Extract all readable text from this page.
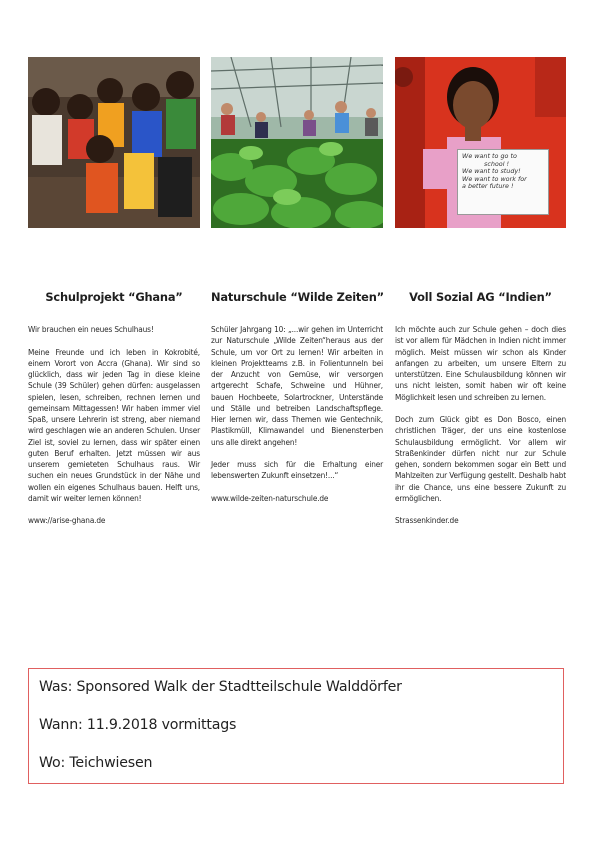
We want to go to
school !
We want to study!
We want to work for
a better future !
Schulprojekt “Ghana”

Wir brauchen ein neues Schulhaus!

Meine Freunde und ich leben in Kokrobité, einem Vorort von Accra (Ghana). Wir sind so glücklich, dass wir jeden Tag in diese kleine Schule (39 Schüler) gehen dürfen: ausgelassen spielen, lesen, schreiben, rechnen lernen und gemeinsam Mittagessen! Wir haben immer viel Spaß, unsere Lehrerin ist streng, aber niemand wird geschlagen wie an anderen Schulen. Unser Ziel ist, soviel zu lernen, dass wir später einen guten Beruf erhalten. Jetzt müssen wir aus unserem gemieteten Schulhaus raus. Wir suchen ein neues Grundstück in der Nähe und wollen ein eigenes Schulhaus bauen. Helft uns, damit wir weiter lernen können!

www://arise-ghana.de

Naturschule “Wilde Zeiten”

Schüler Jahrgang 10: „...wir gehen im Unterricht zur Naturschule „Wilde Zeiten“heraus aus der Schule, um vor Ort zu lernen! Wir arbeiten in kleinen Projektteams z.B. in Folientunneln bei der Anzucht von Gemüse, wir versorgen artgerecht Schafe, Schweine und Hühner, bauen Hochbeete, Solartrockner, Unterstände und Ställe und betreiben Landschaftspflege. Hier lernen wir, dass Themen wie Gentechnik, Plastikmüll, Klimawandel und Bienensterben uns alle direkt angehen!

Jeder muss sich für die Erhaltung einer lebenswerten Zukunft einsetzen!...“

www.wilde-zeiten-naturschule.de

Voll Sozial AG “Indien”

Ich möchte auch zur Schule gehen – doch dies ist vor allem für Mädchen in Indien nicht immer möglich. Meist müssen wir schon als Kinder anfangen zu arbeiten, um unsere Eltern zu unterstützen. Eine Schulausbildung können wir uns nicht leisten, somit haben wir oft keine Möglichkeit lesen und schreiben zu lernen.

Doch zum Glück gibt es Don Bosco, einen christlichen Träger, der uns eine kostenlose Schulausbildung ermöglicht. Vor allem wir Straßenkinder dürfen nicht nur zur Schule gehen, sondern bekommen sogar ein Bett und Mahlzeiten zur Verfügung gestellt. Deshalb habt ihr die Chance, uns eine bessere Zukunft zu ermöglichen.

Strassenkinder.de

Was: Sponsored Walk der Stadtteilschule Walddörfer
Wann: 11.9.2018 vormittags
Wo: Teichwiesen
